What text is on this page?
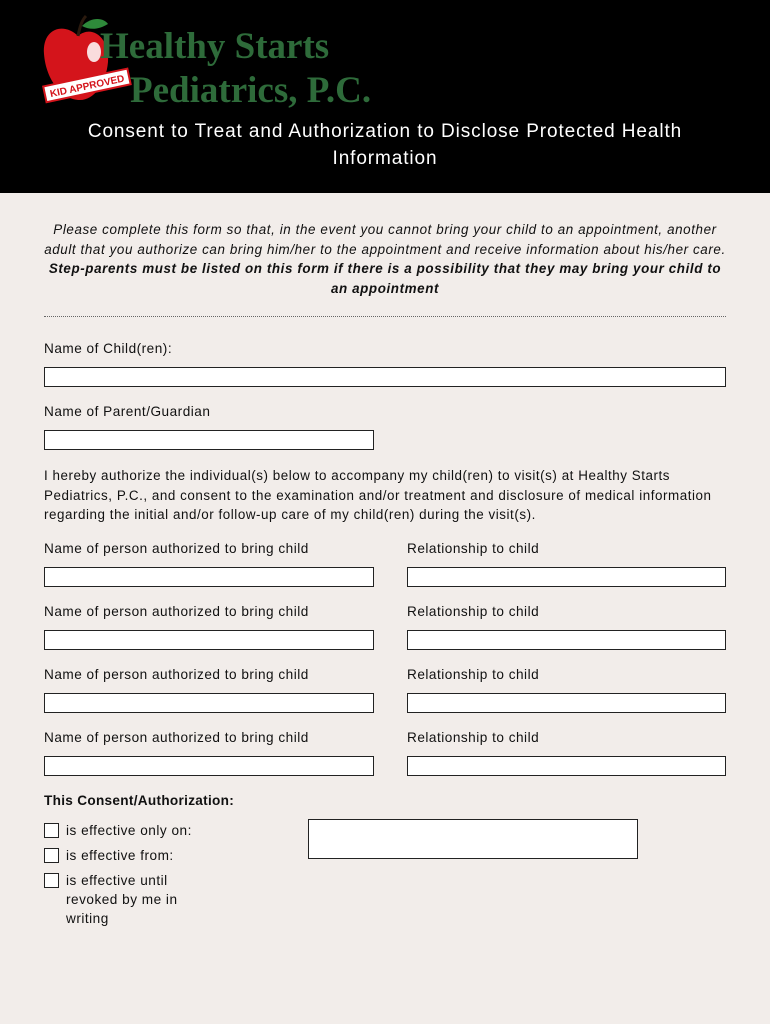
KID APPROVED
Healthy Starts
Pediatrics, P.C.
Consent to Treat and Authorization to Disclose Protected Health Information
Please complete this form so that, in the event you cannot bring your child to an appointment, another adult that you authorize can bring him/her to the appointment and receive information about his/her care. Step-parents must be listed on this form if there is a possibility that they may bring your child to an appointment
Name of Child(ren):
Name of Parent/Guardian
I hereby authorize the individual(s) below to accompany my child(ren) to visit(s) at Healthy Starts Pediatrics, P.C., and consent to the examination and/or treatment and disclosure of medical information regarding the initial and/or follow-up care of my child(ren) during the visit(s).
Name of person authorized to bring child	Relationship to child
Name of person authorized to bring child	Relationship to child
Name of person authorized to bring child	Relationship to child
Name of person authorized to bring child	Relationship to child
This Consent/Authorization:
is effective only on:
is effective from:
is effective until revoked by me in writing
